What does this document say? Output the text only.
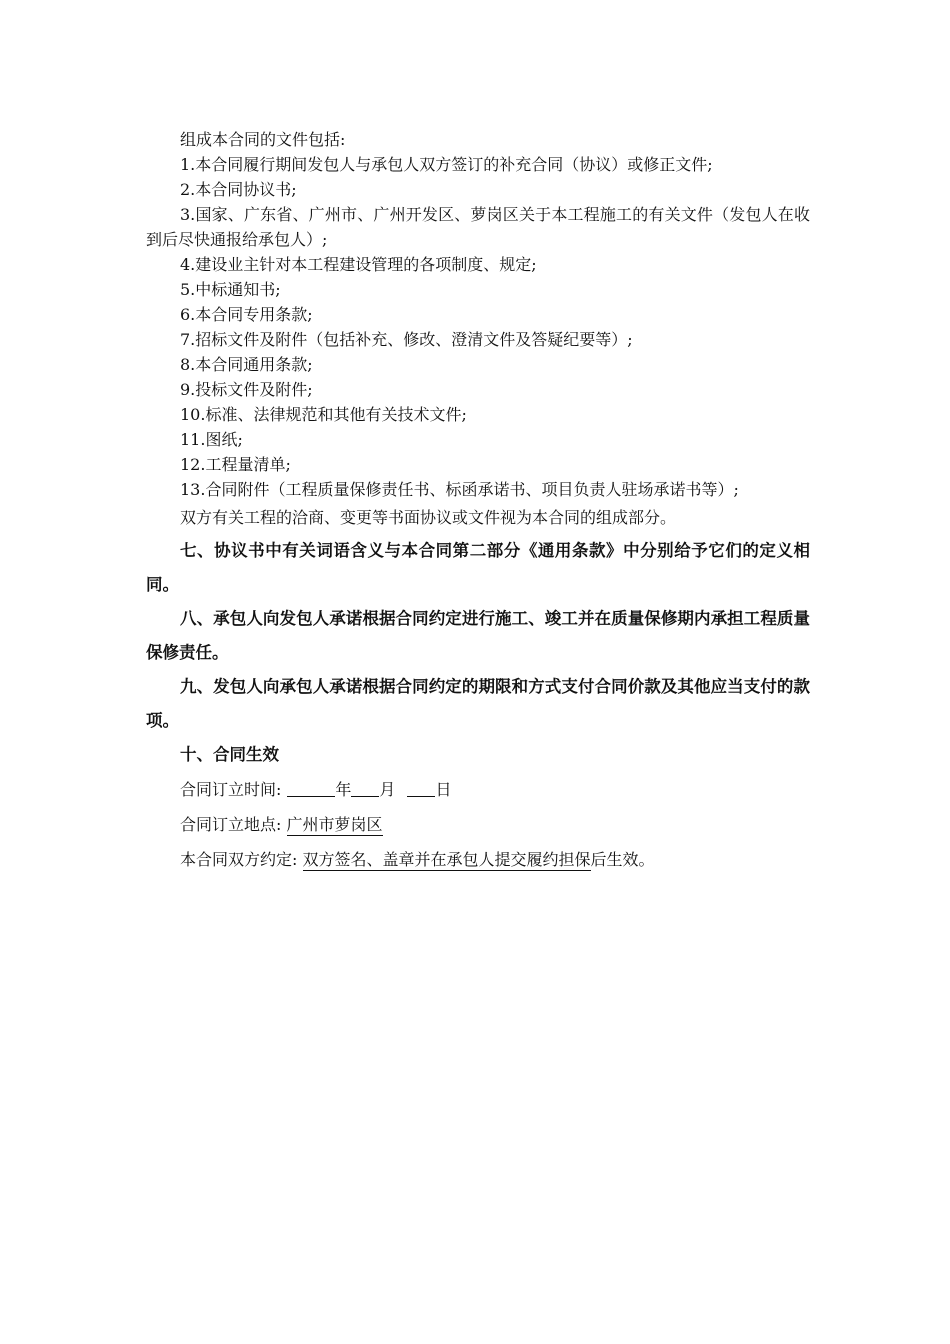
组成本合同的文件包括:

1.本合同履行期间发包人与承包人双方签订的补充合同（协议）或修正文件;

2.本合同协议书;

3.国家、广东省、广州市、广州开发区、萝岗区关于本工程施工的有关文件（发包人在收到后尽快通报给承包人）;

4.建设业主针对本工程建设管理的各项制度、规定;

5.中标通知书;

6.本合同专用条款;

7.招标文件及附件（包括补充、修改、澄清文件及答疑纪要等）;

8.本合同通用条款;

9.投标文件及附件;

10.标准、法律规范和其他有关技术文件;

11.图纸;

12.工程量清单;

13.合同附件（工程质量保修责任书、标函承诺书、项目负责人驻场承诺书等）;

双方有关工程的洽商、变更等书面协议或文件视为本合同的组成部分。

七、协议书中有关词语含义与本合同第二部分《通用条款》中分别给予它们的定义相同。

八、承包人向发包人承诺根据合同约定进行施工、竣工并在质量保修期内承担工程质量保修责任。

九、发包人向承包人承诺根据合同约定的期限和方式支付合同价款及其他应当支付的款项。

十、合同生效

合同订立时间:	年 月	日

合同订立地点: 广州市萝岗区

本合同双方约定: 双方签名、盖章并在承包人提交履约担保后生效。
